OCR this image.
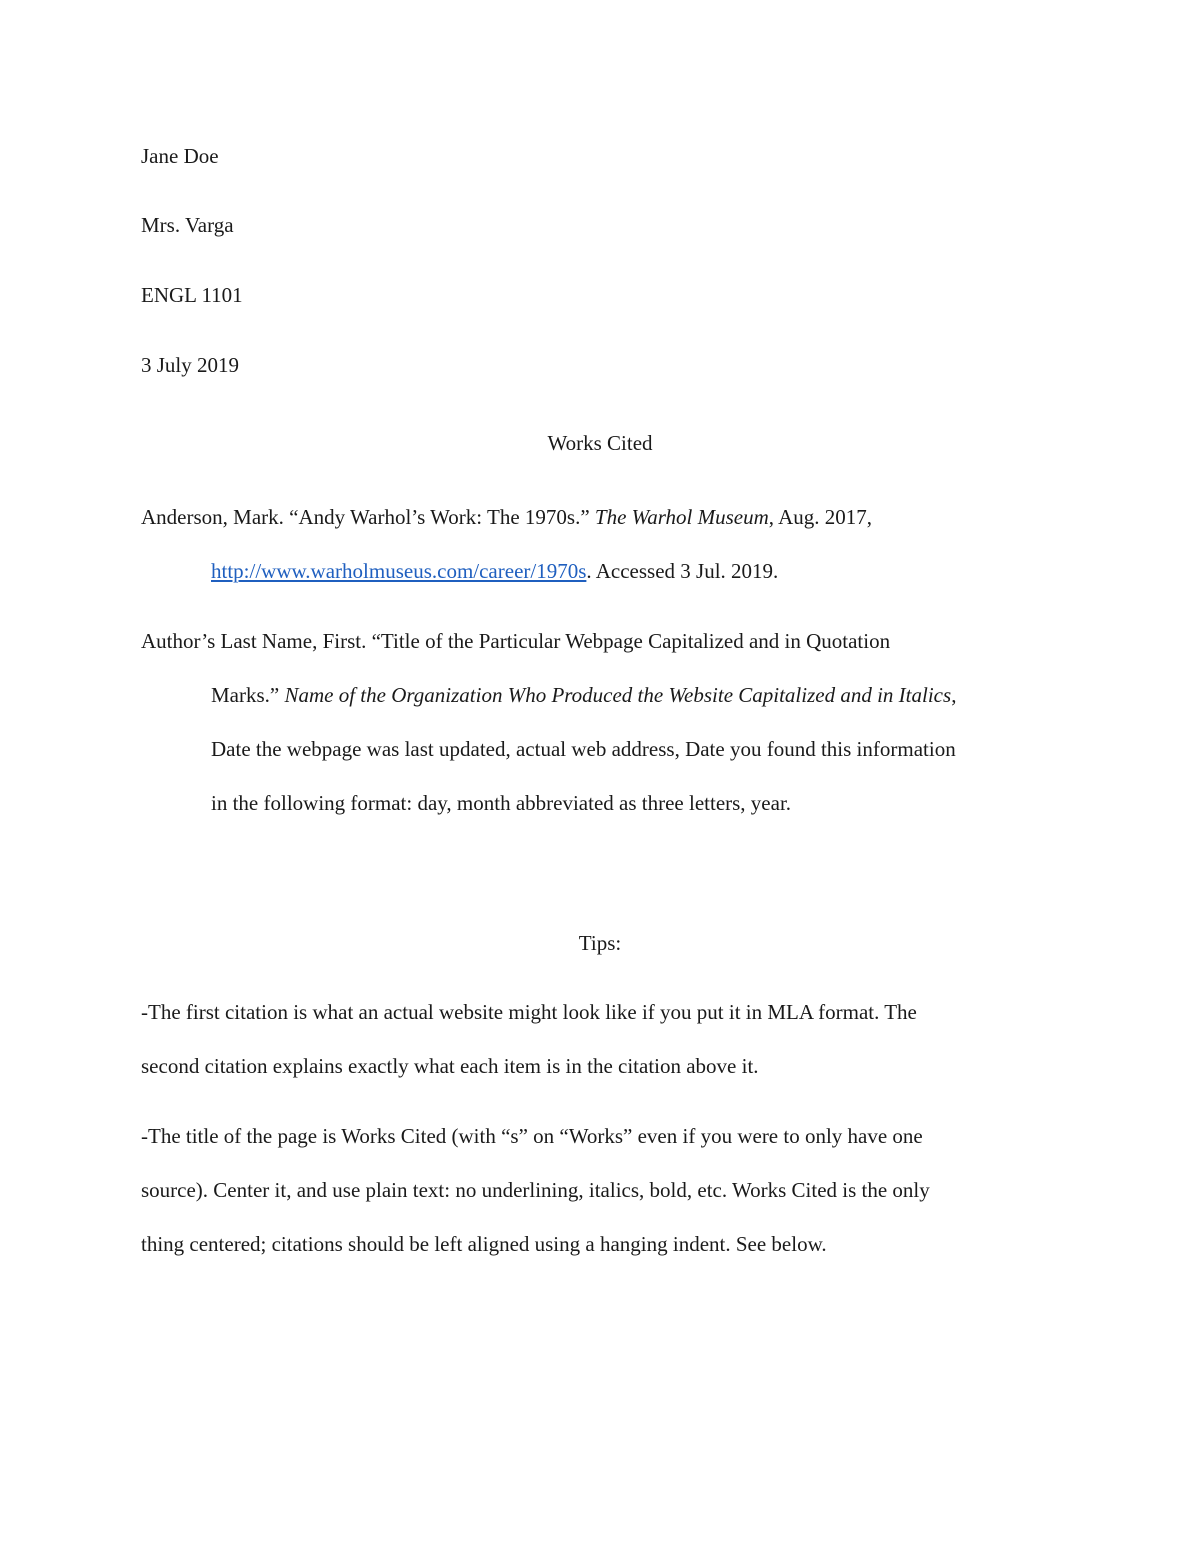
Jane Doe
Mrs. Varga
ENGL 1101
3 July 2019
Works Cited
Anderson, Mark. “Andy Warhol’s Work: The 1970s.” The Warhol Museum, Aug. 2017,
http://www.warholmuseus.com/career/1970s. Accessed 3 Jul. 2019.
Author’s Last Name, First. “Title of the Particular Webpage Capitalized and in Quotation
Marks.” Name of the Organization Who Produced the Website Capitalized and in Italics,
Date the webpage was last updated, actual web address, Date you found this information
in the following format: day, month abbreviated as three letters, year.
Tips:
-The first citation is what an actual website might look like if you put it in MLA format. The
second citation explains exactly what each item is in the citation above it.
-The title of the page is Works Cited (with “s” on “Works” even if you were to only have one
source). Center it, and use plain text: no underlining, italics, bold, etc. Works Cited is the only
thing centered; citations should be left aligned using a hanging indent. See below.
